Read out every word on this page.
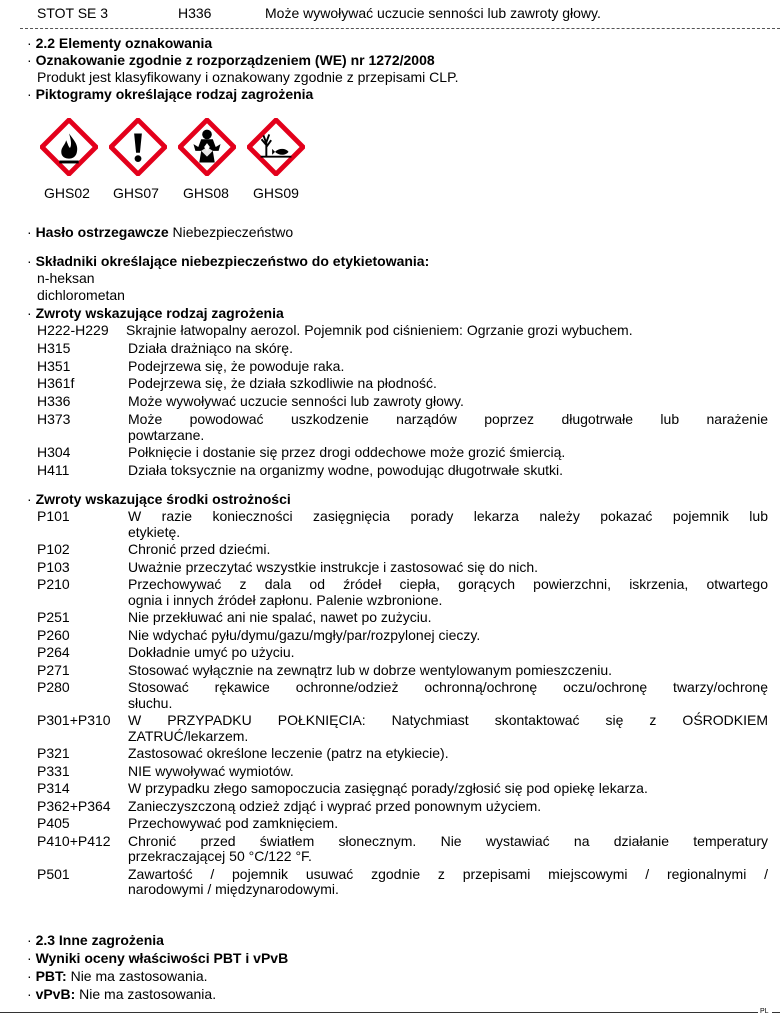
STOT SE 3	H336	Może wywoływać uczucie senności lub zawroty głowy.
· 2.2 Elementy oznakowania
· Oznakowanie zgodnie z rozporządzeniem (WE) nr 1272/2008
Produkt jest klasyfikowany i oznakowany zgodnie z przepisami CLP.
· Piktogramy określające rodzaj zagrożenia
GHS02 GHS07 GHS08 GHS09
· Hasło ostrzegawcze Niebezpieczeństwo
· Składniki określające niebezpieczeństwo do etykietowania:
n-heksan
dichlorometan
· Zwroty wskazujące rodzaj zagrożenia
H222-H229 Skrajnie łatwopalny aerozol. Pojemnik pod ciśnieniem: Ogrzanie grozi wybuchem.
H315	Działa drażniąco na skórę.
H351	Podejrzewa się, że powoduje raka.
H361f	Podejrzewa się, że działa szkodliwie na płodność.
H336	Może wywoływać uczucie senności lub zawroty głowy.
H373	Może powodować uszkodzenie narządów poprzez długotrwałe lub narażenie
powtarzane.
H304	Połknięcie i dostanie się przez drogi oddechowe może grozić śmiercią.
H411	Działa toksycznie na organizmy wodne, powodując długotrwałe skutki.
· Zwroty wskazujące środki ostrożności
P101	W razie konieczności zasięgnięcia porady lekarza należy pokazać pojemnik lub
etykietę.
P102	Chronić przed dziećmi.
P103	Uważnie przeczytać wszystkie instrukcje i zastosować się do nich.
P210	Przechowywać z dala od źródeł ciepła, gorących powierzchni, iskrzenia, otwartego
ognia i innych źródeł zapłonu. Palenie wzbronione.
P251	Nie przekłuwać ani nie spalać, nawet po zużyciu.
P260	Nie wdychać pyłu/dymu/gazu/mgły/par/rozpylonej cieczy.
P264	Dokładnie umyć po użyciu.
P271	Stosować wyłącznie na zewnątrz lub w dobrze wentylowanym pomieszczeniu.
P280	Stosować rękawice ochronne/odzież ochronną/ochronę oczu/ochronę twarzy/ochronę
słuchu.
P301+P310 W PRZYPADKU POŁKNIĘCIA: Natychmiast skontaktować się z OŚRODKIEM
ZATRUĆ/lekarzem.
P321	Zastosować określone leczenie (patrz na etykiecie).
P331	NIE wywoływać wymiotów.
P314	W przypadku złego samopoczucia zasięgnąć porady/zgłosić się pod opiekę lekarza.
P362+P364 Zanieczyszczoną odzież zdjąć i wyprać przed ponownym użyciem.
P405	Przechowywać pod zamknięciem.
P410+P412 Chronić przed światłem słonecznym. Nie wystawiać na działanie temperatury
przekraczającej 50 °C/122 °F.
P501	Zawartość / pojemnik usuwać zgodnie z przepisami miejscowymi / regionalnymi /
narodowymi / międzynarodowymi.
· 2.3 Inne zagrożenia
· Wyniki oceny właściwości PBT i vPvB
· PBT: Nie ma zastosowania.
· vPvB: Nie ma zastosowania.
PL
